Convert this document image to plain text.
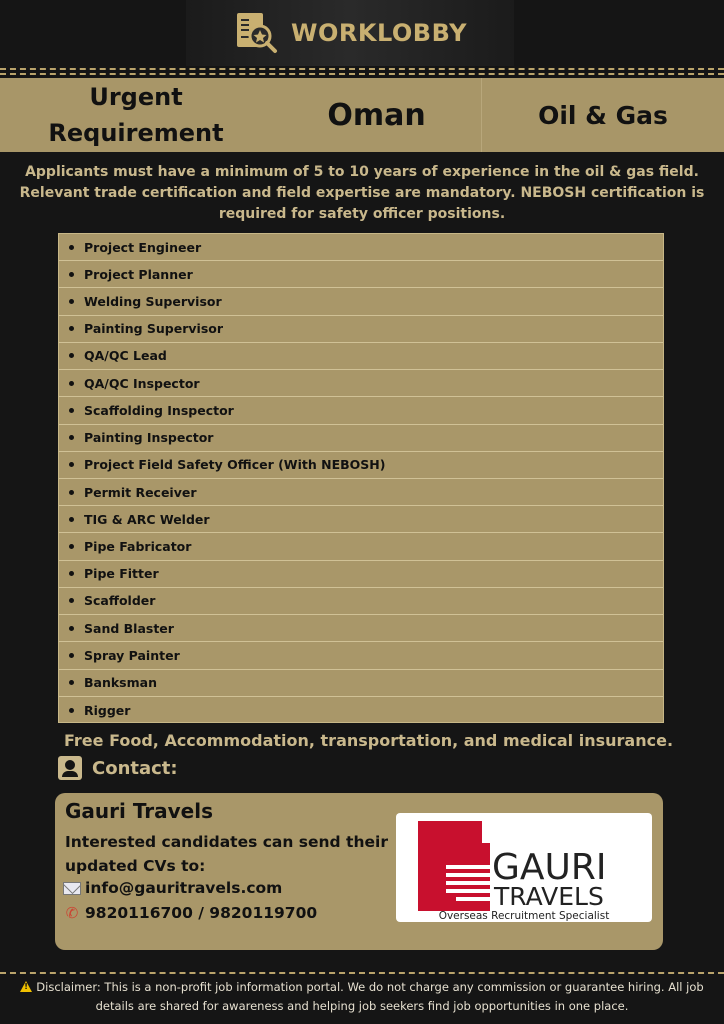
WORKLOBBY
Urgent Requirement
Oman	Oil & Gas

Applicants must have a minimum of 5 to 10 years of experience in the oil & gas field. Relevant trade certification and field expertise are mandatory. NEBOSH certification is required for safety officer positions.

Project Engineer
Project Planner
Welding Supervisor
Painting Supervisor
QA/QC Lead
QA/QC Inspector
Scaffolding Inspector
Painting Inspector
Project Field Safety Officer (With NEBOSH)
Permit Receiver
TIG & ARC Welder
Pipe Fabricator
Pipe Fitter
Scaffolder
Sand Blaster
Spray Painter
Banksman
Rigger
Free Food, Accommodation, transportation, and medical insurance.
Contact:
Gauri Travels
Interested candidates can send their updated CVs to:
info@gauritravels.com
✆ 9820116700 / 9820119700
GAURI
TRAVELS
Overseas Recruitment Specialist

!Disclaimer: This is a non-profit job information portal. We do not charge any commission or guarantee hiring. All job details are shared for awareness and helping job seekers find job opportunities in one place.
